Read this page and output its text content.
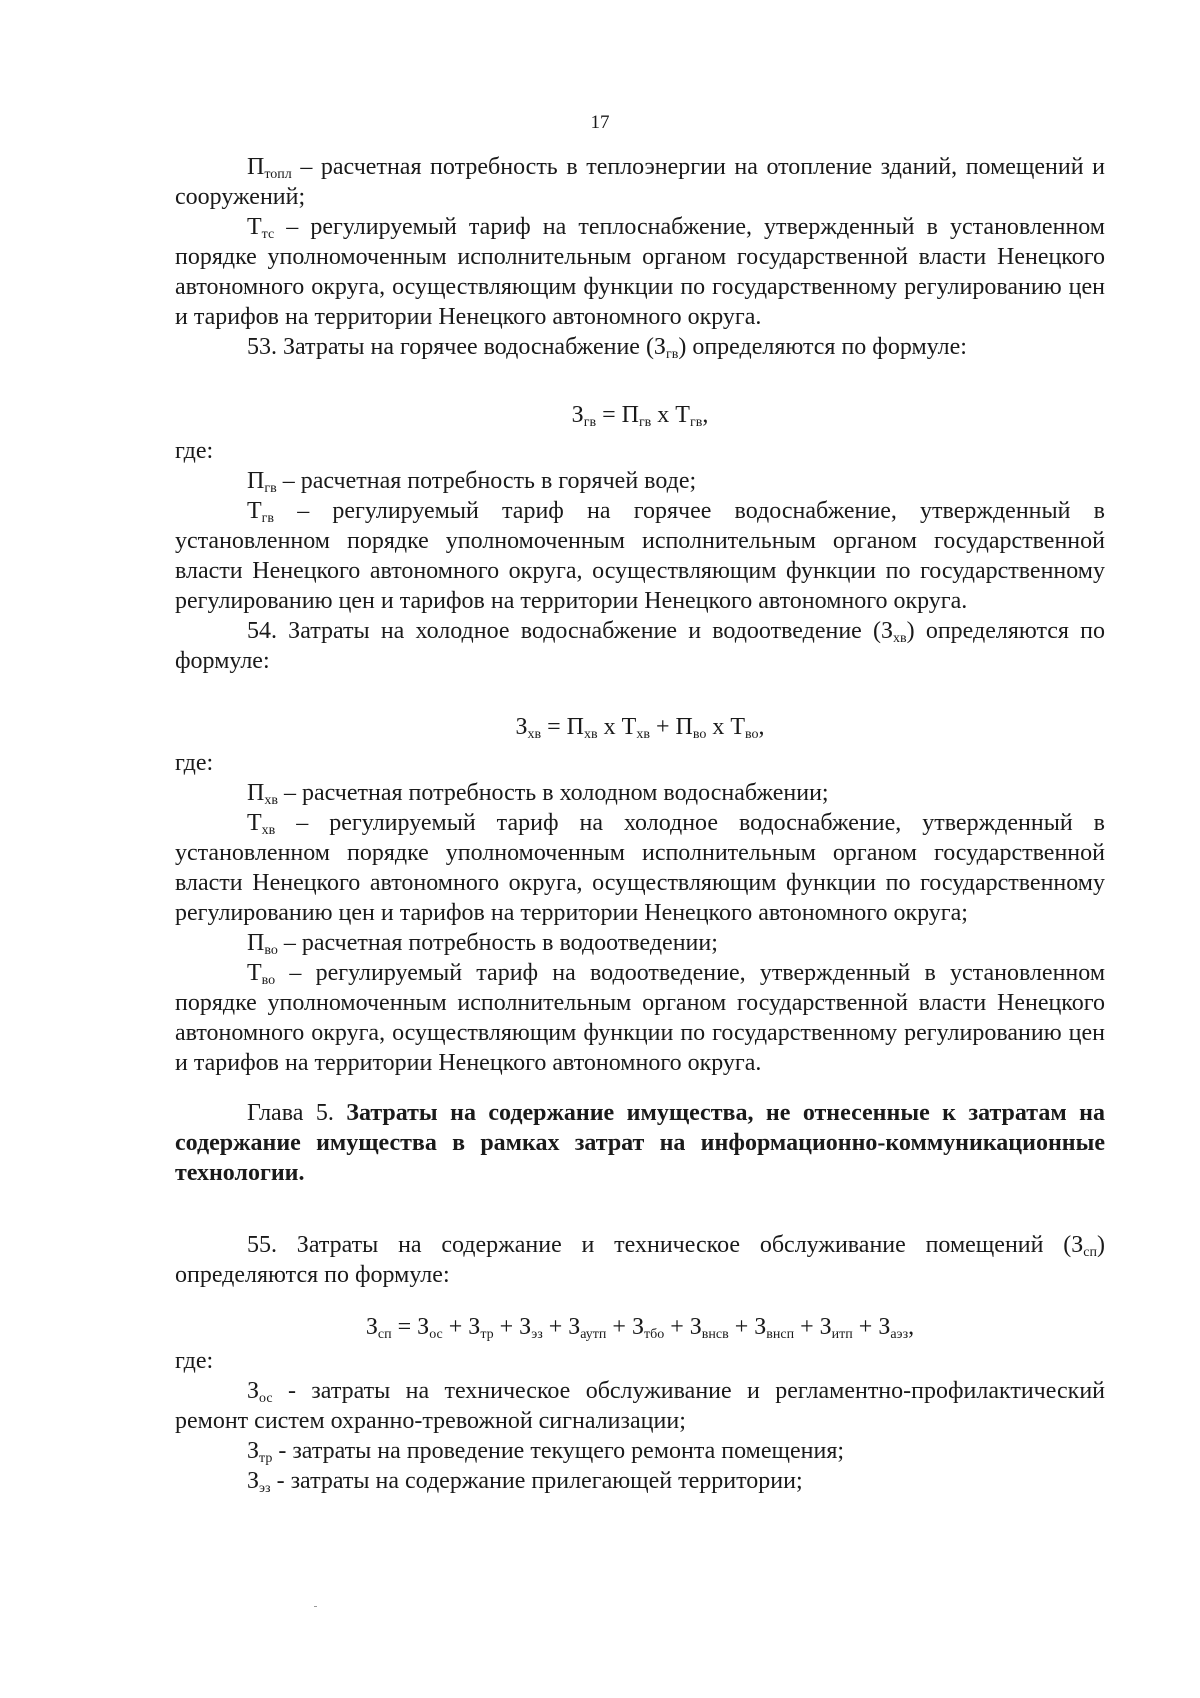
17

$П_{топл}$ – расчетная потребность в теплоэнергии на отопление зданий, помещений и сооружений;

$Т_{тс}$ – регулируемый тариф на теплоснабжение, утвержденный в установленном порядке уполномоченным исполнительным органом государственной власти Ненецкого автономного округа, осуществляющим функции по государственному регулированию цен и тарифов на территории Ненецкого автономного округа.

53. Затраты на горячее водоснабжение $(З_{гв})$ определяются по формуле:

$З_{гв} = П_{гв}$ х $Т_{гв}$,

где:

$П_{гв}$ – расчетная потребность в горячей воде;

$Т_{гв}$ – регулируемый тариф на горячее водоснабжение, утвержденный в установленном порядке уполномоченным исполнительным органом государственной власти Ненецкого автономного округа, осуществляющим функции по государственному регулированию цен и тарифов на территории Ненецкого автономного округа.

54. Затраты на холодное водоснабжение и водоотведение $(З_{хв})$ определяются по формуле:

$З_{хв} = П_{хв}$ х $Т_{хв} + П_{во}$ х $Т_{во}$,

где:

$П_{хв}$ – расчетная потребность в холодном водоснабжении;

$Т_{хв}$ – регулируемый тариф на холодное водоснабжение, утвержденный в установленном порядке уполномоченным исполнительным органом государственной власти Ненецкого автономного округа, осуществляющим функции по государственному регулированию цен и тарифов на территории Ненецкого автономного округа;

$П_{во}$ – расчетная потребность в водоотведении;

$Т_{во}$ – регулируемый тариф на водоотведение, утвержденный в установленном порядке уполномоченным исполнительным органом государственной власти Ненецкого автономного округа, осуществляющим функции по государственному регулированию цен и тарифов на территории Ненецкого автономного округа.

Глава 5. Затраты на содержание имущества, не отнесенные к затратам на содержание имущества в рамках затрат на информационно-коммуникационные технологии.

55. Затраты на содержание и техническое обслуживание помещений $(З_{сп})$ определяются по формуле:

$З_{сп} = З_{ос} + З_{тр} + З_{эз} + З_{аутп} + З_{тбо} + З_{внсв} + З_{внсп} + З_{итп} + З_{аэз}$,

где:

$З_{ос}$ - затраты на техническое обслуживание и регламентно-профилактический ремонт систем охранно-тревожной сигнализации;

$З_{тр}$ - затраты на проведение текущего ремонта помещения;

$З_{эз}$ - затраты на содержание прилегающей территории;
